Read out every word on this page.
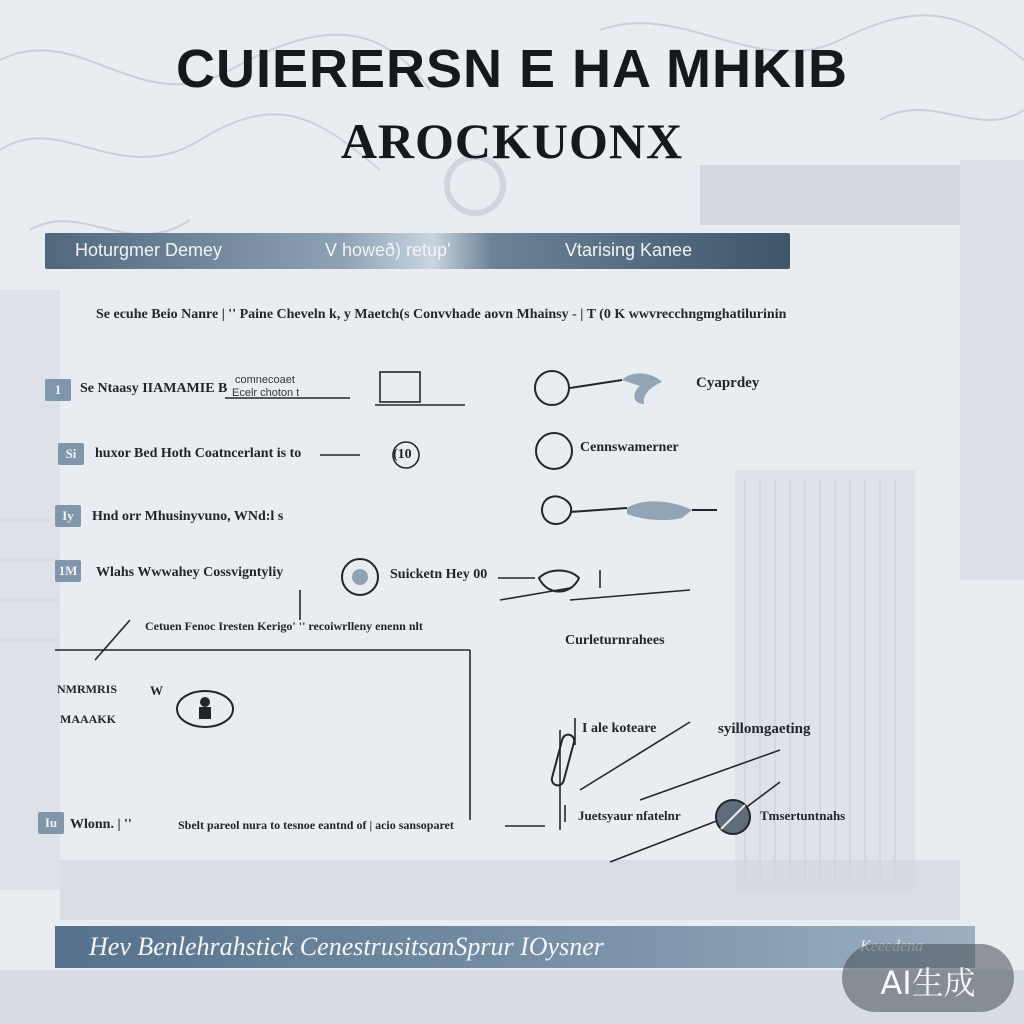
CUIERERSN E HA MHKIB
AROCKUONX
Hoturgmer Demey	V howeð) retup'	Vtarising Kanee
Se ecuhe Beio Nanre | '' Paine Cheveln k, y Maetch(s Convvhade aovn Mhainsy - | T (0 K wwvrecchngmghatilurinin
1	Se Ntaasy IIAMAMIE B
comnecoaet
Ecelr choton t
Si	huxor Bed Hoth Coatncerlant is to	(10
Iy	Hnd orr Mhusinyvuno, WNd:l s
1M Wlahs Wwwahey Cossvigntyliy
Cetuen Fenoc Iresten Kerigo' '' recoiwrlleny enenn nlt
NMRMRIS
MAAAKK
W
Iu Wlonn. | ''	Sbelt pareol nura to tesnoe eantnd of | acio sansoparet
Cyaprdey
Cennswamerner
Suicketn Hey 00
Curleturnrahees
I ale koteare	syillomgaeting
Juetsyaur nfatelnr	Tmsertuntnahs
Hev Benlehrahstick CenestrusitsanSprur IOysner
AI生成
